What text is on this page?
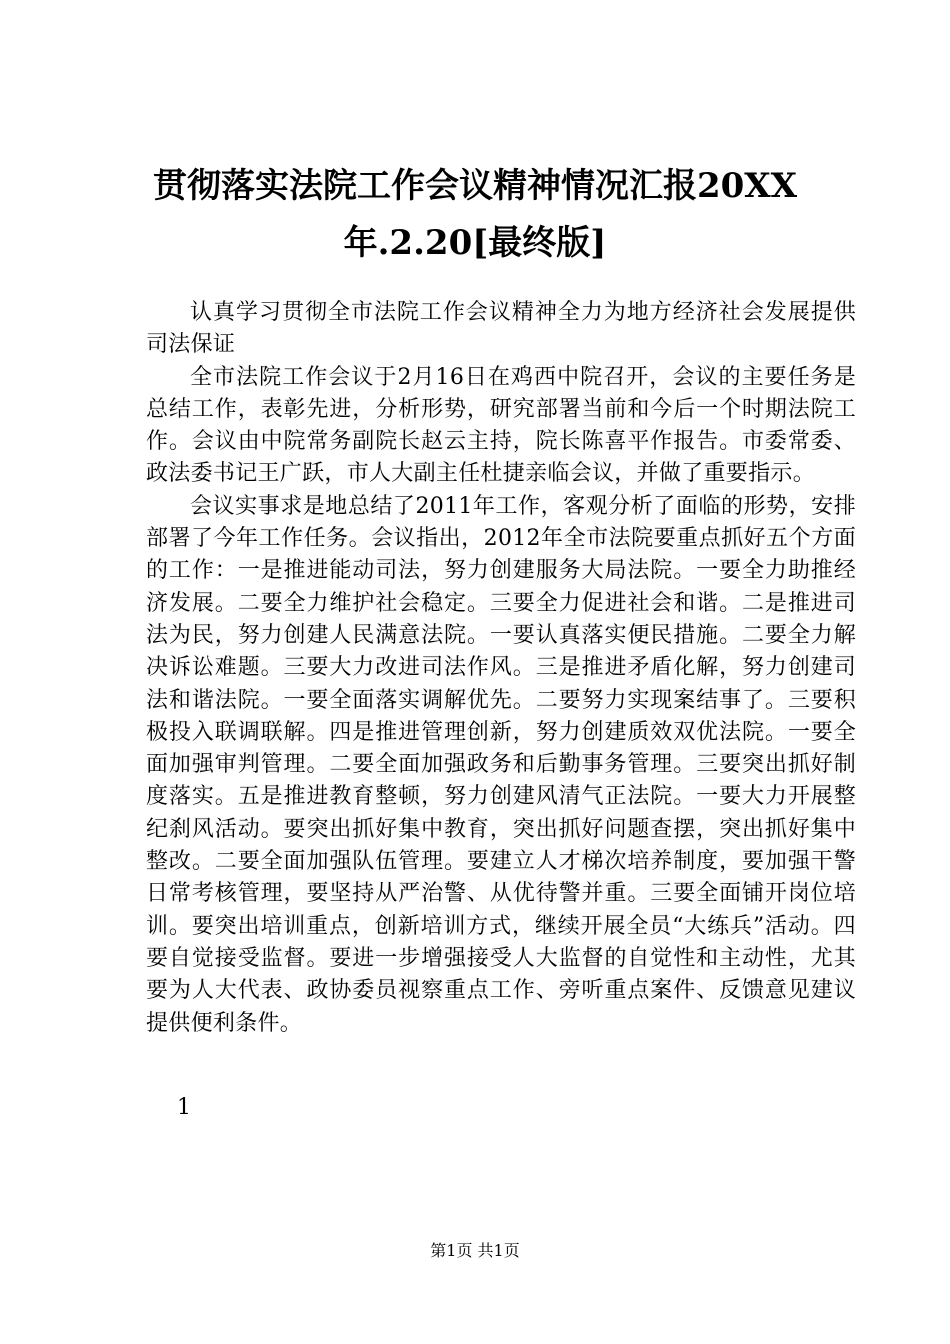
贯彻落实法院工作会议精神情况汇报20XX
年.2.20[最终版]

认真学习贯彻全市法院工作会议精神全力为地方经济社会发展提供司法保证

全市法院工作会议于2月16日在鸡西中院召开，会议的主要任务是总结工作，表彰先进，分析形势，研究部署当前和今后一个时期法院工作。会议由中院常务副院长赵云主持，院长陈喜平作报告。市委常委、政法委书记王广跃，市人大副主任杜捷亲临会议，并做了重要指示。

会议实事求是地总结了2011年工作，客观分析了面临的形势，安排部署了今年工作任务。会议指出，2012年全市法院要重点抓好五个方面的工作：一是推进能动司法，努力创建服务大局法院。一要全力助推经济发展。二要全力维护社会稳定。三要全力促进社会和谐。二是推进司法为民，努力创建人民满意法院。一要认真落实便民措施。二要全力解决诉讼难题。三要大力改进司法作风。三是推进矛盾化解，努力创建司法和谐法院。一要全面落实调解优先。二要努力实现案结事了。三要积极投入联调联解。四是推进管理创新，努力创建质效双优法院。一要全面加强审判管理。二要全面加强政务和后勤事务管理。三要突出抓好制度落实。五是推进教育整顿，努力创建风清气正法院。一要大力开展整纪刹风活动。要突出抓好集中教育，突出抓好问题查摆，突出抓好集中整改。二要全面加强队伍管理。要建立人才梯次培养制度，要加强干警日常考核管理，要坚持从严治警、从优待警并重。三要全面铺开岗位培训。要突出培训重点，创新培训方式，继续开展全员“大练兵”活动。四要自觉接受监督。要进一步增强接受人大监督的自觉性和主动性，尤其要为人大代表、政协委员视察重点工作、旁听重点案件、反馈意见建议提供便利条件。

1
第1页 共1页
